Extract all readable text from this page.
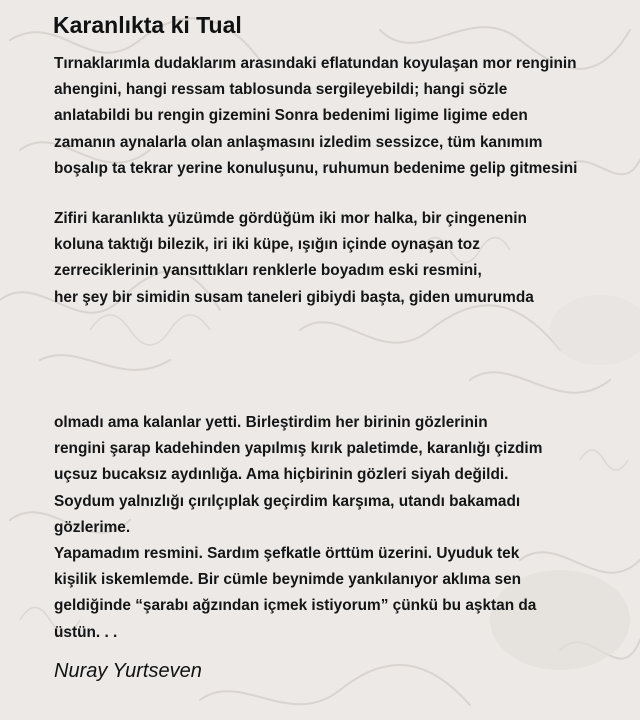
Karanlıkta ki Tual
Tırnaklarımla dudaklarım arasındaki eflatundan koyulaşan mor renginin
ahengini, hangi ressam tablosunda sergileyebildi; hangi sözle
anlatabildi bu rengin gizemini Sonra bedenimi ligime ligime eden
zamanın aynalarla olan anlaşmasını izledim sessizce, tüm kanımım
boşalıp ta tekrar yerine konuluşunu, ruhumun bedenime gelip gitmesini
Zifiri karanlıkta yüzümde gördüğüm iki mor halka, bir çingenenin
koluna taktığı bilezik, iri iki küpe, ışığın içinde oynaşan toz
zerreciklerinin yansıttıkları renklerle boyadım eski resmini,
her şey bir simidin susam taneleri gibiydi başta, giden umurumda
olmadı ama kalanlar yetti. Birleştirdim her birinin gözlerinin
rengini şarap kadehinden yapılmış kırık paletimde, karanlığı çizdim
uçsuz bucaksız aydınlığa. Ama hiçbirinin gözleri siyah değildi.
Soydum yalnızlığı çırılçıplak geçirdim karşıma, utandı bakamadı
gözlerime.
Yapamadım resmini. Sardım şefkatle örttüm üzerini. Uyuduk tek
kişilik iskemlemde. Bir cümle beynimde yankılanıyor aklıma sen
geldiğinde “şarabı ağzından içmek istiyorum” çünkü bu aşktan da
üstün. . .
Nuray Yurtseven
